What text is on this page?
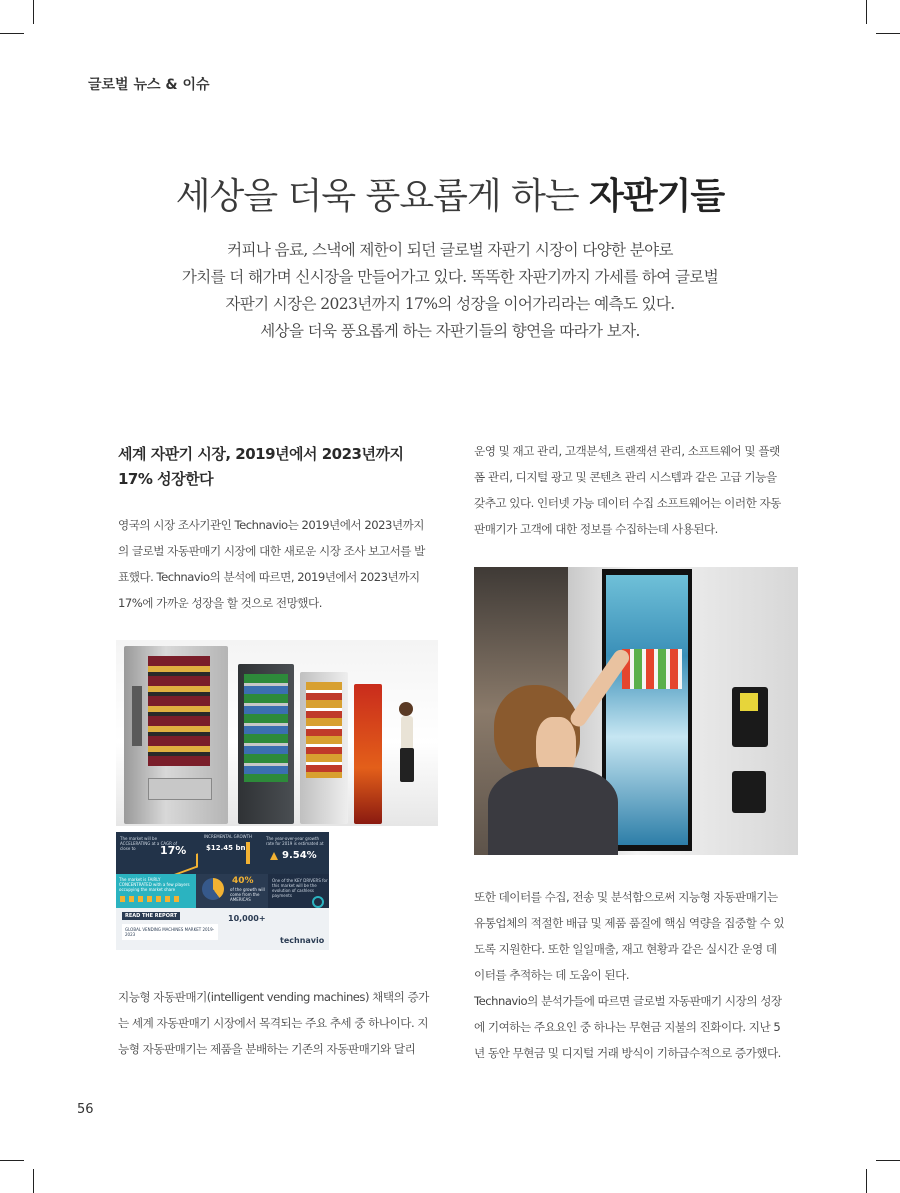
글로벌 뉴스 & 이슈
세상을 더욱 풍요롭게 하는 자판기들
커피나 음료, 스낵에 제한이 되던 글로벌 자판기 시장이 다양한 분야로
가치를 더 해가며 신시장을 만들어가고 있다. 똑똑한 자판기까지 가세를 하여 글로벌
자판기 시장은 2023년까지 17%의 성장을 이어가리라는 예측도 있다.
세상을 더욱 풍요롭게 하는 자판기들의 향연을 따라가 보자.
세계 자판기 시장, 2019년에서 2023년까지
17% 성장한다
영국의 시장 조사기관인 Technavio는 2019년에서 2023년까지
의 글로벌 자동판매기 시장에 대한 새로운 시장 조사 보고서를 발
표했다. Technavio의 분석에 따르면, 2019년에서 2023년까지
17%에 가까운 성장을 할 것으로 전망했다.
The market will be ACCELERATING at a CAGR of close to	17%
INCREMENTAL GROWTH
$12.45 bn
The year-over-year growth rate for 2019 is estimated at
9.54%
The market is FAIRLY CONCENTRATED with a few players occupying the market share
40%
of the growth will come from the AMERICAS
One of the KEY DRIVERS for this market will be the evolution of cashless payments
READ THE REPORT
GLOBAL VENDING MACHINES MARKET 2019-2023
10,000+
technavio
지능형 자동판매기(intelligent vending machines) 채택의 증가
는 세계 자동판매기 시장에서 목격되는 주요 추세 중 하나이다. 지
능형 자동판매기는 제품을 분배하는 기존의 자동판매기와 달리
운영 및 재고 관리, 고객분석, 트랜잭션 관리, 소프트웨어 및 플랫
폼 관리, 디지털 광고 및 콘텐츠 관리 시스템과 같은 고급 기능을
갖추고 있다. 인터넷 가능 데이터 수집 소프트웨어는 이러한 자동
판매기가 고객에 대한 정보를 수집하는데 사용된다.
또한 데이터를 수집, 전송 및 분석함으로써 지능형 자동판매기는
유통업체의 적절한 배급 및 제품 품질에 핵심 역량을 집중할 수 있
도록 지원한다. 또한 일일매출, 재고 현황과 같은 실시간 운영 데
이터를 추적하는 데 도움이 된다.
Technavio의 분석가들에 따르면 글로벌 자동판매기 시장의 성장
에 기여하는 주요요인 중 하나는 무현금 지불의 진화이다. 지난 5
년 동안 무현금 및 디지털 거래 방식이 기하급수적으로 증가했다.
56
